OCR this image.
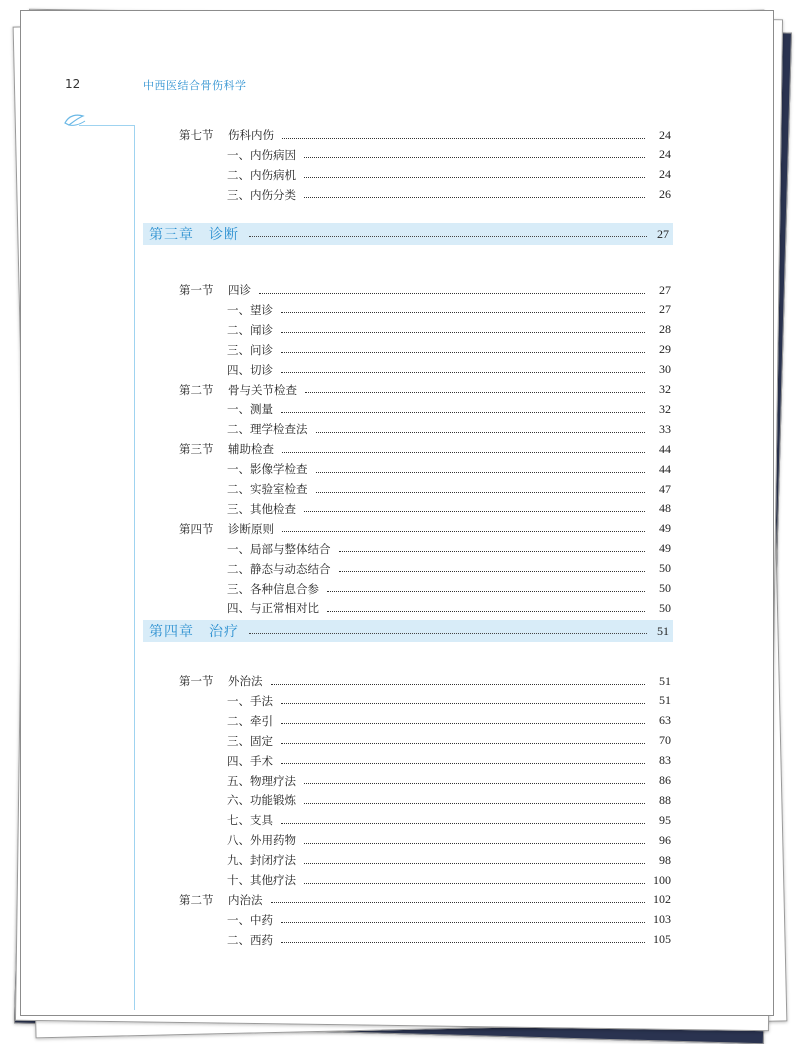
12	中西医结合骨伤科学
第七节	伤科内伤	24
一、内伤病因	24
二、内伤病机	24
三、内伤分类	26
第三章　诊断	27
第一节	四诊	27
一、望诊	27
二、闻诊	28
三、问诊	29
四、切诊	30
第二节	骨与关节检查	32
一、测量	32
二、理学检查法	33
第三节	辅助检查	44
一、影像学检查	44
二、实验室检查	47
三、其他检查	48
第四节	诊断原则	49
一、局部与整体结合	49
二、静态与动态结合	50
三、各种信息合参	50
四、与正常相对比	50
第四章　治疗	51
第一节	外治法	51
一、手法	51
二、牵引	63
三、固定	70
四、手术	83
五、物理疗法	86
六、功能锻炼	88
七、支具	95
八、外用药物	96
九、封闭疗法	98
十、其他疗法	100
第二节	内治法	102
一、中药	103
二、西药	105
